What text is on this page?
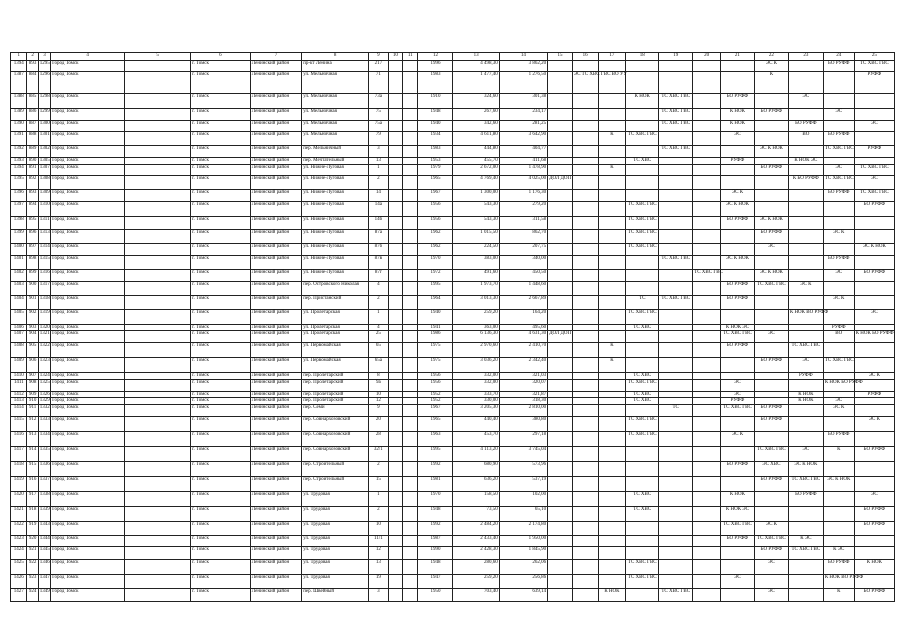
1	2	3	4	5	6	7	8	9	10	11	12	13	14	15	16	17	18	19	20	21	22	23	24	25
1394	893	1295	Город Томск		г. Томск	Ленинский район	пр-кт Ленина	217			1996	4 498,30	3 862,20								ЭС К		БО РУФФ	ТС ХВС ГВС
1387	884	1296	Город Томск		г. Томск	Ленинский район	ул. Мельничная	71			1983	1 477,40	1 276,50		ЭС ТС ХВС ГВС ВО УУ						К			РУФФ
1388	885	1298	Город Томск		г. Томск	Ленинский район	ул. Мельничная	73a			1910	324,60	301,38				К НОК	ТС ХВС ГВС		БО РУФФ		ЭС		
1389	886	1299	Город Томск		г. Томск	Ленинский район	ул. Мельничная	75			1948	267,60	234,17					ТС ХВС ГВС		К НОК	БО РУФФ		ЭС	
1390	887	1300	Город Томск		г. Томск	Ленинский район	ул. Мельничная	75a			1940	342,60	281,25					ТС ХВС ГВС		К НОК		БО РУФФ		ЭС
1391	888	1301	Город Томск		г. Томск	Ленинский район	ул. Мельничная	79			1934	4 611,80	3 642,90			К	ТС ХВС ГВС			ЭС		ВО	БО РУФФ	
1392	889	1302	Город Томск		г. Томск	Ленинский район	пер. Мельничный	3			1983	444,80	404,77					ТС ХВС ГВС			ЭС К НОК		ТС ХВС ГВС	РУФФ
1393	890	1305	Город Томск		г. Томск	Ленинский район	пер. Мечтательный	13			1953	455,70	411,68				ТС ХВС			РУФФ		К НОК ЭС		
1394	891	1307	Город Томск		г. Томск	Ленинский район	ул. Нижне-Луговая	1			1979	2 672,00	1 478,90			К					БО РУФФ		ЭС	ТС ХВС ГВС
1395	892	1308	Город Томск		г. Томск	Ленинский район	ул. Нижне-Луговая	2			1965	4 769,40	4 025,00	ДОЛ ДОП								К БО РУФФ	ТС ХВС ГВС	ЭС
1396	893	1309	Город Томск		г. Томск	Ленинский район	ул. Нижне-Луговая	14			1967	1 300,00	1 176,30							ЭС К			БО РУФФ	ТС ХВС ГВС
1397	894	1310	Город Томск		г. Томск	Ленинский район	ул. Нижне-Луговая	14a			1956	543,30	279,20				ТС ХВС ГВС			ЭС К НОК				БО РУФФ
1398	895	1311	Город Томск		г. Томск	Ленинский район	ул. Нижне-Луговая	14б			1956	543,30	311,58				ТС ХВС ГВС			БО РУФФ	ЭС К НОК			
1399	896	1313	Город Томск		г. Томск	Ленинский район	ул. Нижне-Луговая	87a			1962	1 015,50	862,70				ТС ХВС ГВС				БО РУФФ		ЭС К	
1400	897	1314	Город Томск		г. Томск	Ленинский район	ул. Нижне-Луговая	87б			1962	224,50	207,75				ТС ХВС ГВС				ЭС			ЭС К НОК
1401	898	1315	Город Томск		г. Томск	Ленинский район	ул. Нижне-Луговая	87в			1970	383,00	340,00					ТС ХВС ГВС		ЭС К НОК			БО РУФФ	
1402	899	1316	Город Томск		г. Томск	Ленинский район	ул. Нижне-Луговая	87г			1972	491,60	450,50						ТС ХВС ГВС		ЭС К НОК		ЭС	БО РУФФ
1403	900	1317	Город Томск		г. Томск	Ленинский район	пер. Островского Николая	4			1995	1 973,70	1 448,60							БО РУФФ	ТС ХВС ГВС	ЭС К		
1404	901	1318	Город Томск		г. Томск	Ленинский район	пер. Пристанский	2			1964	3 013,30	2 667,89				ТС	ТС ХВС ГВС		БО РУФФ			ЭС К	
1405	902	1319	Город Томск		г. Томск	Ленинский район	ул. Пролетарская	1			1940	259,20	164,20				ТС ХВС ГВС					К НОК ВО РУФФ		ЭС
1406	903	1320	Город Томск		г. Томск	Ленинский район	ул. Пролетарская	4			1941	363,00	495,60				ТС ХВС			К НОК ЭС			РУФФ	
1407	904	1321	Город Томск		г. Томск	Ленинский район	ул. Пролетарская	25			1986	6 136,30	4 631,30	ДОЛ ДОП						ТС ХВС ГВС	ЭС		ВО	К НОК БО РУФФ
1408	905	1322	Город Томск		г. Томск	Ленинский район	ул. Первомайская	65			1975	2 970,60	2 410,70			К				БО РУФФ		ТС ХВС ГВС		
1409	906	1323	Город Томск		г. Томск	Ленинский район	ул. Первомайская	65a			1975	3 036,20	2 342,40			К					БО РУФФ	ЭС	ТС ХВС ГВС	
1410	907	1324	Город Томск		г. Томск	Ленинский район	пер. Пролетарский	8			1956	332,00	321,03				ТС ХВС					РУФФ		ЭС К
1411	908	1325	Город Томск		г. Томск	Ленинский район	пер. Пролетарский	9a			1956	332,00	320,07				ТС ХВС ГВС			ЭС			К НОК БО РУФФ	
1412	909	1326	Город Томск		г. Томск	Ленинский район	пер. Пролетарский	10			1952	333,70	321,87				ТС ХВС			ЭС		К НОК		РУФФ
1413	910	1329	Город Томск		г. Томск	Ленинский район	пер. Пролетарский	12			1952	330,00	318,30				ТС ХВС			РУФФ		К НОК	ЭС	
1414	911	1332	Город Томск		г. Томск	Ленинский район	пер. Семи	9			1967	3 205,30	2 810,00					ТС		ТС ХВС ГВС	БО РУФФ		ЭС К	
1415	912	1333	Город Томск		г. Томск	Ленинский район	пер. Совнархозовский	20			1965	440,40	380,80				ТС ХВС ГВС				БО РУФФ			ЭС К
1416	913	1334	Город Томск		г. Томск	Ленинский район	пер. Совнархозовский	28			1963	453,70	297,18				ТС ХВС ГВС			ЭС К			БО РУФФ	
1417	914	1335	Город Томск		г. Томск	Ленинский район	пер. Совнархозовский	32/1			1995	4 113,20	3 745,04								ТС ХВС ГВС	ЭС	К	БО РУФФ
1418	915	1336	Город Томск		г. Томск	Ленинский район	пер. Строительный	2			1992	680,90	573,96							БО РУФФ	ЭС ХВС	ЭС К НОК		
1419	916	1337	Город Томск		г. Томск	Ленинский район	пер. Строительный	15			1981	636,20	537,19								БО РУФФ	ТС ХВС ГВС	ЭС К НОК	
1420	917	1338	Город Томск		г. Томск	Ленинский район	ул. Трудовая	1			1970	158,50	102,00				ТС ХВС			К НОК		БО РУФФ		ЭС
1421	918	1339	Город Томск		г. Томск	Ленинский район	ул. Трудовая	2			1948	73,50	65,10				ТС ХВС			К НОК ЭС				БО РУФФ
1422	919	1343	Город Томск		г. Томск	Ленинский район	ул. Трудовая	10			1992	2 484,20	2 174,80							ТС ХВС ГВС	ЭС К			БО РУФФ
1423	920	1344	Город Томск		г. Томск	Ленинский район	ул. Трудовая	11/1			1987	2 433,40	1 950,00							БО РУФФ	ТС ХВС ГВС	К ЭС		
1424	921	1345	Город Томск		г. Томск	Ленинский район	ул. Трудовая	12			1990	2 428,30	1 845,90								БО РУФФ	ТС ХВС ГВС	К ЭС	
1425	922	1346	Город Томск		г. Томск	Ленинский район	ул. Трудовая	13			1948	280,60	262,06				ТС ХВС ГВС				ЭС		БО РУФФ	К НОК
1426	923	1347	Город Томск		г. Томск	Ленинский район	ул. Трудовая	19			1947	259,20	256,86				ТС ХВС ГВС			ЭС			К НОК ВО РУФФ	
1427	924	1349	Город Томск		г. Томск	Ленинский район	пер. Швейный	3			1950	703,40	639,14			К НОК		ТС ХВС ГВС			ЭС		К	БО РУФФ
